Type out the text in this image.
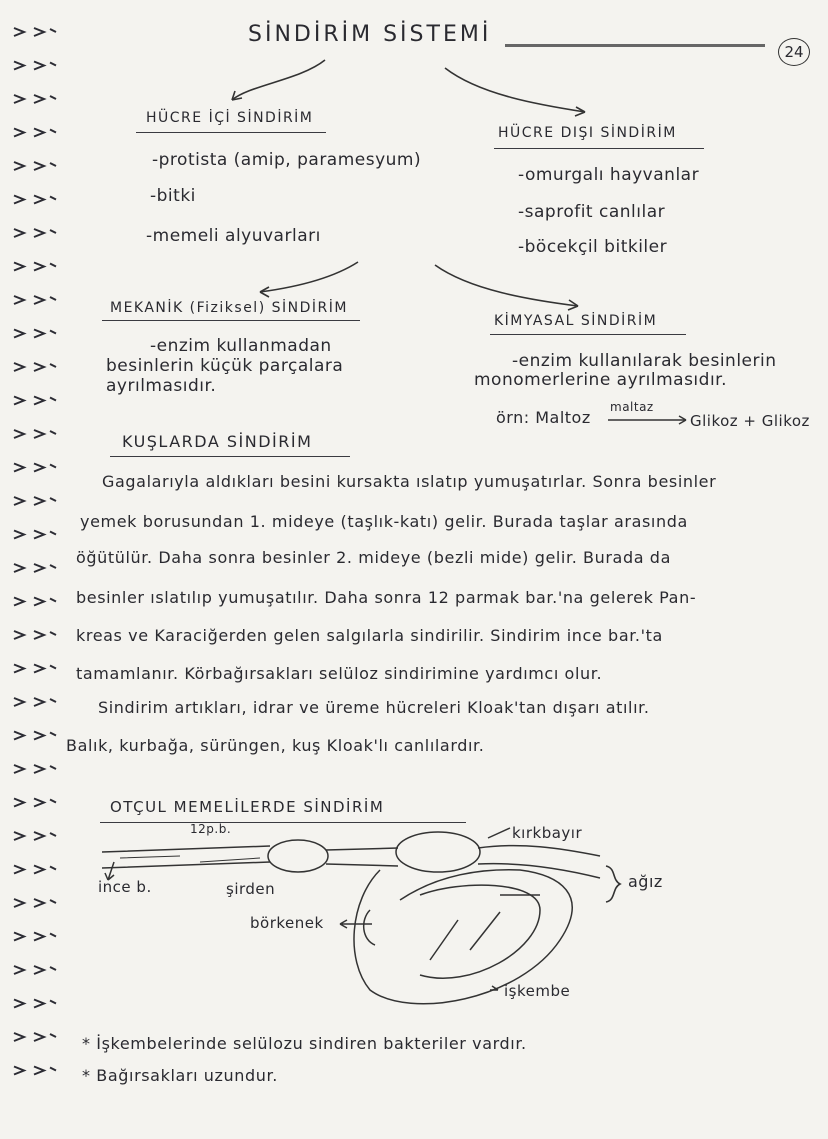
SİNDİRİM SİSTEMİ
24
HÜCRE İÇİ SİNDİRİM
-protista (amip, paramesyum)
-bitki
-memeli alyuvarları
HÜCRE DIŞI SİNDİRİM
-omurgalı hayvanlar
-saprofit canlılar
-böcekçil bitkiler
MEKANİK (Fiziksel) SİNDİRİM
-enzim kullanmadan
besinlerin küçük parçalara
ayrılmasıdır.
KİMYASAL SİNDİRİM
-enzim kullanılarak besinlerin
monomerlerine ayrılmasıdır.
örn: Maltoz
maltaz
Glikoz + Glikoz
KUŞLARDA SİNDİRİM
Gagalarıyla aldıkları besini kursakta ıslatıp yumuşatırlar. Sonra besinler
yemek borusundan 1. mideye (taşlık-katı) gelir. Burada taşlar arasında
öğütülür. Daha sonra besinler 2. mideye (bezli mide) gelir. Burada da
besinler ıslatılıp yumuşatılır. Daha sonra 12 parmak bar.'na gelerek Pan-
kreas ve Karaciğerden gelen salgılarla sindirilir. Sindirim ince bar.'ta
tamamlanır. Körbağırsakları selüloz sindirimine yardımcı olur.
Sindirim artıkları, idrar ve üreme hücreleri Kloak'tan dışarı atılır.
Balık, kurbağa, sürüngen, kuş Kloak'lı canlılardır.
OTÇUL MEMELİLERDE SİNDİRİM
12p.b.	kırkbayır
ince b.	şirden	ağız
börkenek
işkembe
* İşkembelerinde selülozu sindiren bakteriler vardır.
* Bağırsakları uzundur.
